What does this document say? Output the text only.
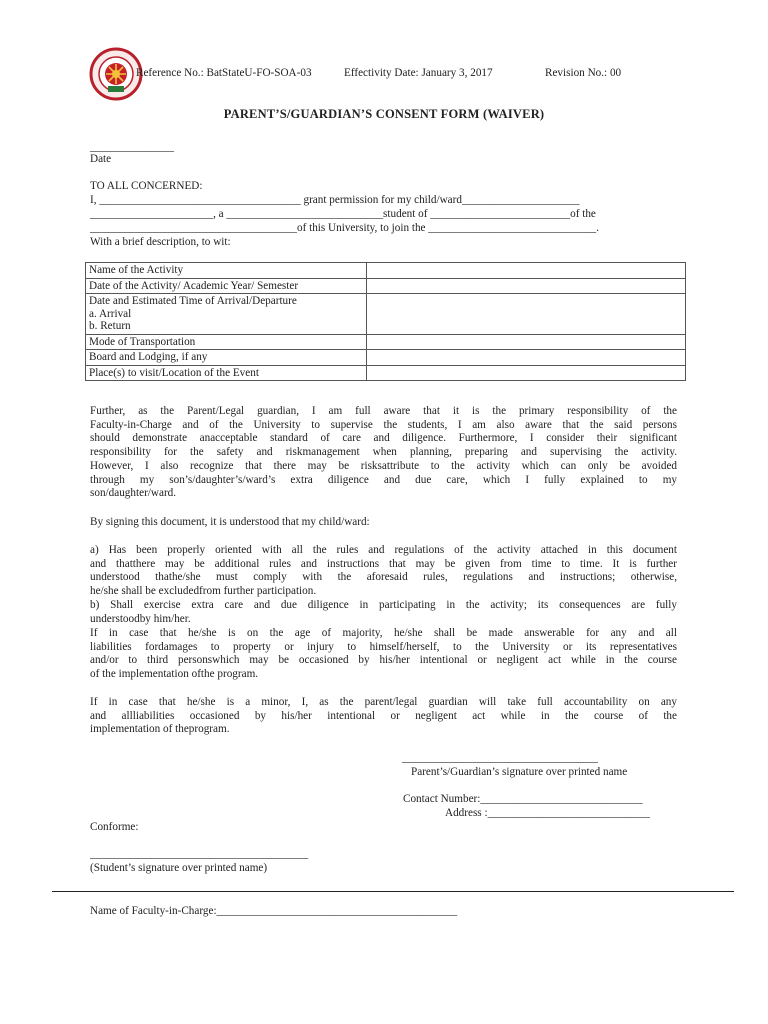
Reference No.: BatStateU-FO-SOA-03	Effectivity Date: January 3, 2017	Revision No.: 00
PARENT’S/GUARDIAN’S CONSENT FORM (WAIVER)
_______________
Date
TO ALL CONCERNED:
I, ____________________________________ grant permission for my child/ward_____________________
______________________, a ____________________________student of _________________________of the
_____________________________________of this University, to join the ______________________________.
With a brief description, to wit:
Name of the Activity	
Date of the Activity/ Academic Year/ Semester	
Date and Estimated Time of Arrival/Departure
a. Arrival
b. Return	
Mode of Transportation	
Board and Lodging, if any	
Place(s) to visit/Location of the Event	
Further, as the Parent/Legal guardian, I am full aware that it is the primary responsibility of the
Faculty-in-Charge and of the University to supervise the students, I am also aware that the said persons
should demonstrate anacceptable standard of care and diligence. Furthermore, I consider their significant
responsibility for the safety and riskmanagement when planning, preparing and supervising the activity.
However, I also recognize that there may be risksattribute to the activity which can only be avoided
through my son’s/daughter’s/ward’s extra diligence and due care, which I fully explained to my
son/daughter/ward.
By signing this document, it is understood that my child/ward:
a) Has been properly oriented with all the rules and regulations of the activity attached in this document
and thatthere may be additional rules and instructions that may be given from time to time. It is further
understood thathe/she must comply with the aforesaid rules, regulations and instructions; otherwise,
he/she shall be excludedfrom further participation.
b) Shall exercise extra care and due diligence in participating in the activity; its consequences are fully
understoodby him/her.
If in case that he/she is on the age of majority, he/she shall be made answerable for any and all
liabilities fordamages to property or injury to himself/herself, to the University or its representatives
and/or to third personswhich may be occasioned by his/her intentional or negligent act while in the course
of the implementation ofthe program.
If in case that he/she is a minor, I, as the parent/legal guardian will take full accountability on any
and allliabilities occasioned by his/her intentional or negligent act while in the course of the
implementation of theprogram.
___________________________________
Parent’s/Guardian’s signature over printed name
Contact Number:_____________________________
Address :_____________________________
Conforme:
_______________________________________
(Student’s signature over printed name)
Name of Faculty-in-Charge:___________________________________________
